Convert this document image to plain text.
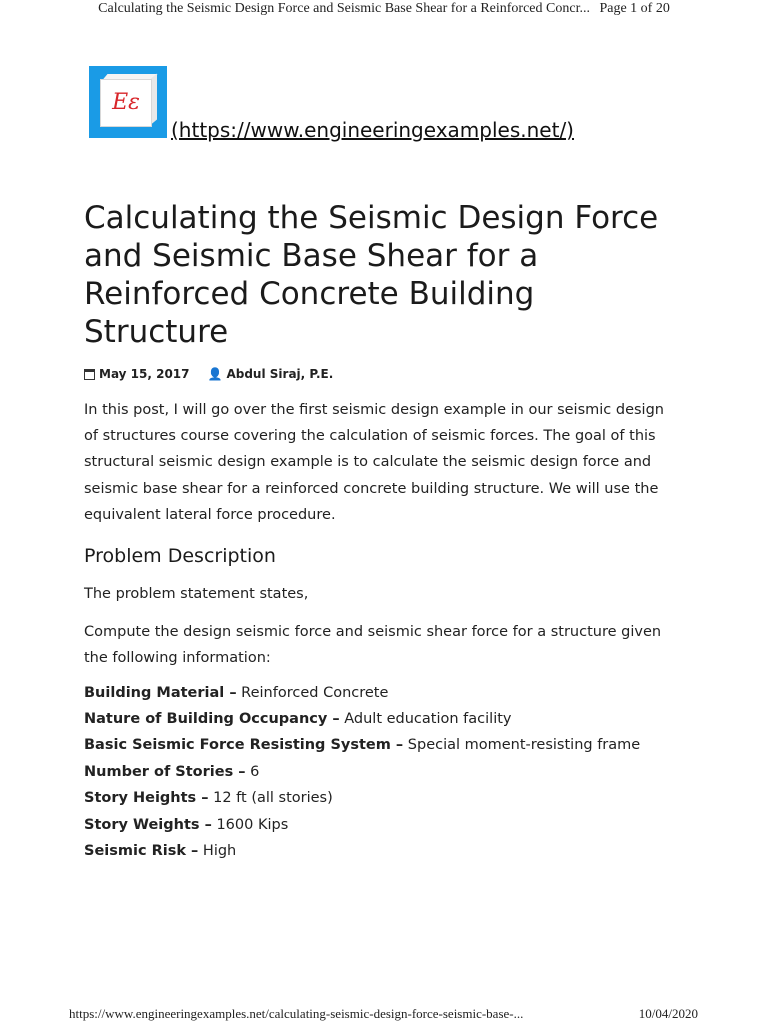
Calculating the Seismic Design Force and Seismic Base Shear for a Reinforced Concr... Page 1 of 20
Eε
(https://www.engineeringexamples.net/)
Calculating the Seismic Design Force and Seismic Base Shear for a Reinforced Concrete Building Structure
May 15, 2017 👤 Abdul Siraj, P.E.

In this post, I will go over the first seismic design example in our seismic design of structures course covering the calculation of seismic forces. The goal of this structural seismic design example is to calculate the seismic design force and seismic base shear for a reinforced concrete building structure. We will use the equivalent lateral force procedure.

Problem Description

The problem statement states,

Compute the design seismic force and seismic shear force for a structure given the following information:

Building Material – Reinforced Concrete
Nature of Building Occupancy – Adult education facility
Basic Seismic Force Resisting System – Special moment-resisting frame
Number of Stories – 6
Story Heights – 12 ft (all stories)
Story Weights – 1600 Kips
Seismic Risk – High
https://www.engineeringexamples.net/calculating-seismic-design-force-seismic-base-...	10/04/2020
